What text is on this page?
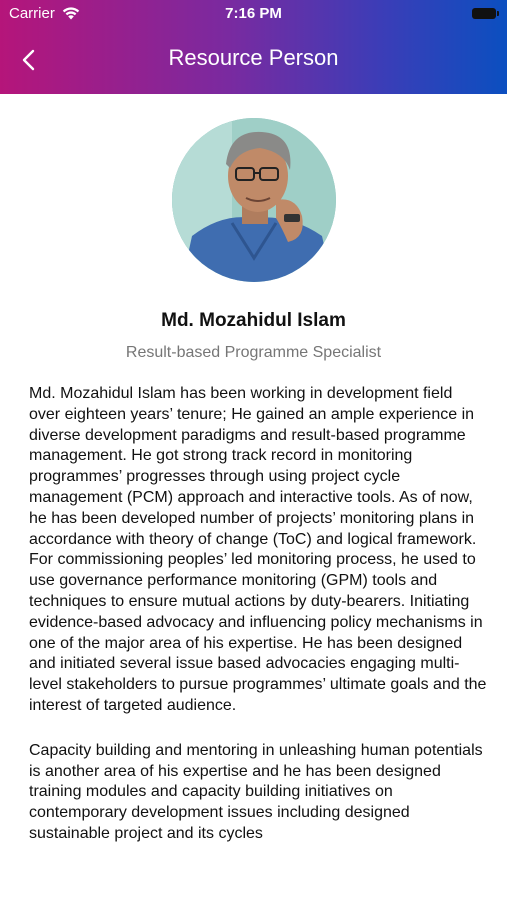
Carrier	7:16 PM
Resource Person
Md. Mozahidul Islam
Result-based Programme Specialist

Md. Mozahidul Islam has been working in development field over eighteen years’ tenure; He gained an ample experience in diverse development paradigms and result-based programme management. He got strong track record in monitoring programmes’ progresses through using project cycle management (PCM) approach and interactive tools. As of now, he has been developed number of projects’ monitoring plans in accordance with theory of change (ToC) and logical framework. For commissioning peoples’ led monitoring process, he used to use governance performance monitoring (GPM) tools and techniques to ensure mutual actions by duty-bearers. Initiating evidence-based advocacy and influencing policy mechanisms in one of the major area of his expertise. He has been designed and initiated several issue based advocacies engaging multi-level stakeholders to pursue programmes’ ultimate goals and the interest of targeted audience.

Capacity building and mentoring in unleashing human potentials is another area of his expertise and he has been designed training modules and capacity building initiatives on contemporary development issues including designed sustainable project and its cycles
